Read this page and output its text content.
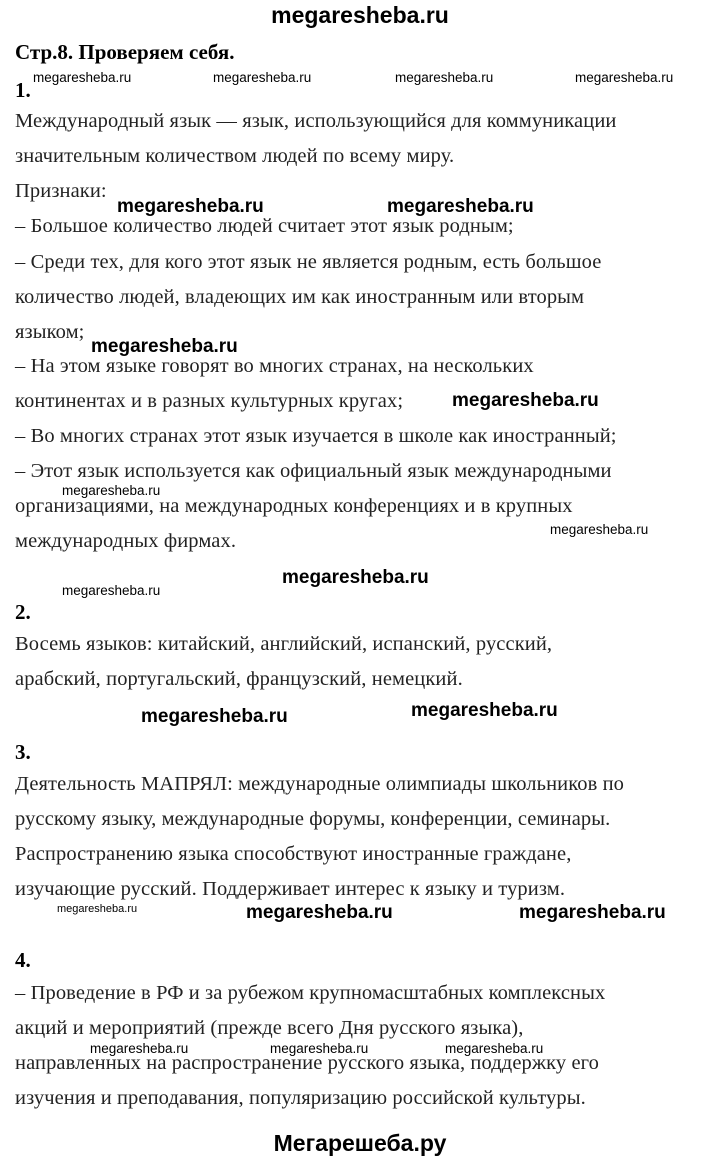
megaresheba.ru
Стр.8. Проверяем себя.
1.
Международный язык — язык, использующийся для коммуникации
значительным количеством людей по всему миру.
Признаки:
– Большое количество людей считает этот язык родным;
– Среди тех, для кого этот язык не является родным, есть большое
количество людей, владеющих им как иностранным или вторым
языком;
– На этом языке говорят во многих странах, на нескольких
континентах и в разных культурных кругах;
– Во многих странах этот язык изучается в школе как иностранный;
– Этот язык используется как официальный язык международными
организациями, на международных конференциях и в крупных
международных фирмах.
2.
Восемь языков: китайский, английский, испанский, русский,
арабский, португальский, французский, немецкий.
3.
Деятельность МАПРЯЛ: международные олимпиады школьников по
русскому языку, международные форумы, конференции, семинары.
Распространению языка способствуют иностранные граждане,
изучающие русский. Поддерживает интерес к языку и туризм.
4.
– Проведение в РФ и за рубежом крупномасштабных комплексных
акций и мероприятий (прежде всего Дня русского языка),
направленных на распространение русского языка, поддержку его
изучения и преподавания, популяризацию российской культуры.
megaresheba.ru	megaresheba.ru	megaresheba.ru	megaresheba.ru
megaresheba.ru
megaresheba.ru
megaresheba.ru
megaresheba.ru
megaresheba.ru	megaresheba.ru	megaresheba.ru
megaresheba.ru	megaresheba.ru
megaresheba.ru
megaresheba.ru
megaresheba.ru
megaresheba.ru	megaresheba.ru
megaresheba.ru	megaresheba.ru
Мегарешеба.ру
